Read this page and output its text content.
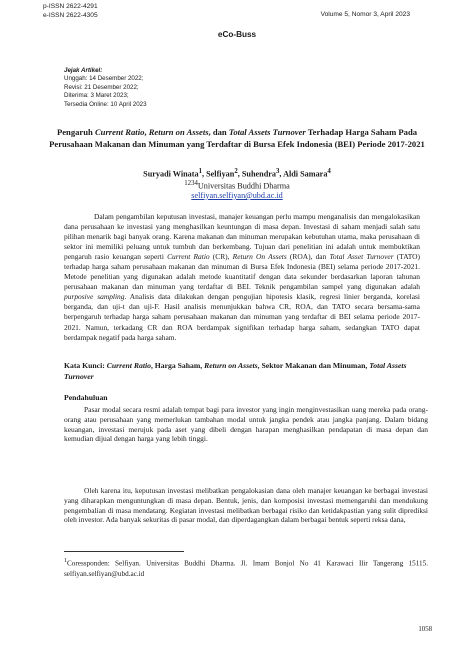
p-ISSN 2622-4291
e-ISSN 2622-4305	Volume 5, Nomor 3, April 2023
eCo-Buss
Jejak Artikel:
Unggah: 14 Desember 2022;
Revisi: 21 Desember 2022;
Diterima: 3 Maret 2023;
Tersedia Online: 10 April 2023
Pengaruh Current Ratio, Return on Assets, dan Total Assets Turnover Terhadap Harga Saham Pada Perusahaan Makanan dan Minuman yang Terdaftar di Bursa Efek Indonesia (BEI) Periode 2017-2021
Suryadi Winata$^1$, Selfiyan$^2$, Suhendra$^3$, Aldi Samara$^4$
$^{1234}$Universitas Buddhi Dharma
selfiyan.selfiyan@ubd.ac.id
Dalam pengambilan keputusan investasi, manajer keuangan perlu mampu menganalisis dan mengalokasikan dana perusahaan ke investasi yang menghasilkan keuntungan di masa depan. Investasi di saham menjadi salah satu pilihan menarik bagi banyak orang. Karena makanan dan minuman merupakan kebutuhan utama, maka perusahaan di sektor ini memiliki peluang untuk tumbuh dan berkembang. Tujuan dari penelitian ini adalah untuk membuktikan pengaruh rasio keuangan seperti Current Ratio (CR), Return On Assets (ROA), dan Total Asset Turnover (TATO) terhadap harga saham perusahaan makanan dan minuman di Bursa Efek Indonesia (BEI) selama periode 2017-2021. Metode penelitian yang digunakan adalah metode kuantitatif dengan data sekunder berdasarkan laporan tahunan perusahaan makanan dan minuman yang terdaftar di BEI. Teknik pengambilan sampel yang digunakan adalah purposive sampling. Analisis data dilakukan dengan pengujian hipotesis klasik, regresi linier berganda, korelasi berganda, dan uji-t dan uji-F. Hasil analisis menunjukkan bahwa CR, ROA, dan TATO secara bersama-sama berpengaruh terhadap harga saham perusahaan makanan dan minuman yang terdaftar di BEI selama periode 2017-2021. Namun, terkadang CR dan ROA berdampak signifikan terhadap harga saham, sedangkan TATO dapat berdampak negatif pada harga saham.
Kata Kunci: Current Ratio, Harga Saham, Return on Assets, Sektor Makanan dan Minuman, Total Assets Turnover
Pendahuluan
Pasar modal secara resmi adalah tempat bagi para investor yang ingin menginvestasikan uang mereka pada orang-orang atau perusahaan yang memerlukan tambahan modal untuk jangka pendek atau jangka panjang. Dalam bidang keuangan, investasi merujuk pada aset yang dibeli dengan harapan menghasilkan pendapatan di masa depan dan kemudian dijual dengan harga yang lebih tinggi.
Oleh karena itu, keputusan investasi melibatkan pengalokasian dana oleh manajer keuangan ke berbagai investasi yang diharapkan menguntungkan di masa depan. Bentuk, jenis, dan komposisi investasi memengaruhi dan mendukung pengembalian di masa mendatang. Kegiatan investasi melibatkan berbagai risiko dan ketidakpastian yang sulit diprediksi oleh investor. Ada banyak sekuritas di pasar modal, dan diperdagangkan dalam berbagai bentuk seperti reksa dana,
$^1$Coressponden: Selfiyan. Universitas Buddhi Dharma. Jl. Imam Bonjol No 41 Karawaci Ilir Tangerang 15115. selfiyan.selfiyan@ubd.ac.id
1058
